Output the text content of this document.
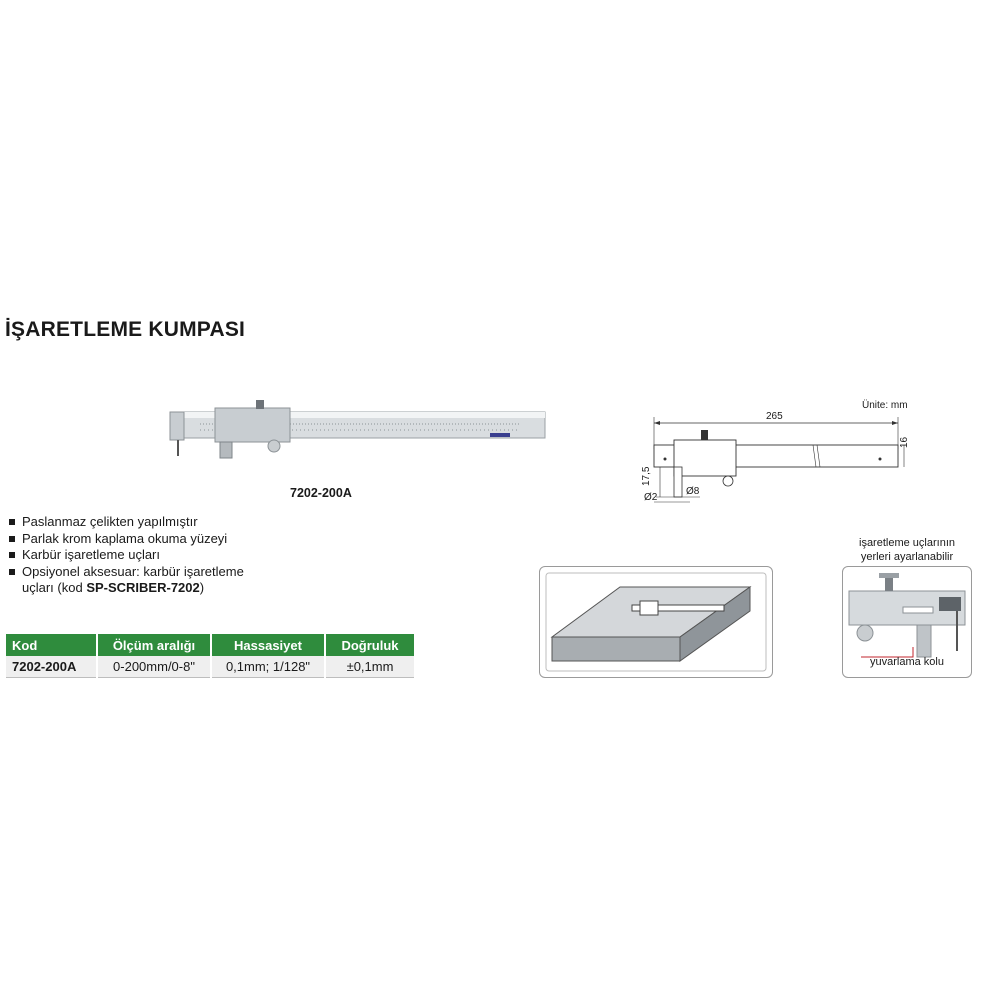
İŞARETLEME KUMPASI
7202-200A
Paslanmaz çelikten yapılmıştır
Parlak krom kaplama okuma yüzeyi
Karbür işaretleme uçları
Opsiyonel aksesuar: karbür işaretleme
uçları (kod SP-SCRIBER-7202)
Kod	Ölçüm aralığı	Hassasiyet	Doğruluk
7202-200A	0-200mm/0-8"	0,1mm; 1/128"	±0,1mm
Ünite: mm
265
16
17,5
Ø2
Ø8
işaretleme uçlarının
yerleri ayarlanabilir
yuvarlama kolu
